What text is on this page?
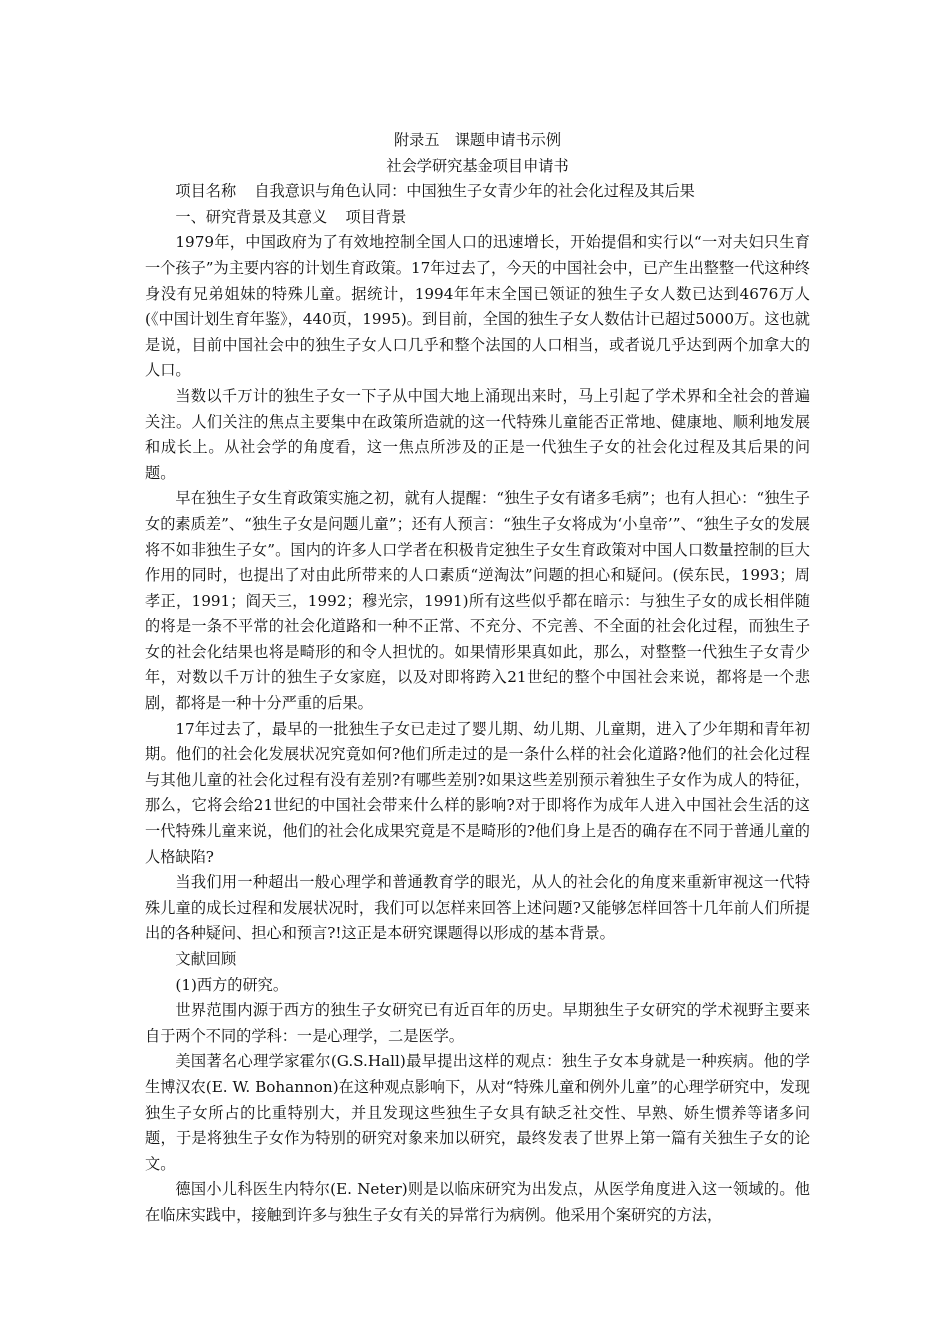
附录五　课题申请书示例
社会学研究基金项目申请书
项目名称 自我意识与角色认同：中国独生子女青少年的社会化过程及其后果
一、研究背景及其意义 项目背景

1979年，中国政府为了有效地控制全国人口的迅速增长，开始提倡和实行以“一对夫妇只生育一个孩子”为主要内容的计划生育政策。17年过去了，今天的中国社会中，已产生出整整一代这种终身没有兄弟姐妹的特殊儿童。据统计，1994年年末全国已领证的独生子女人数已达到4676万人(《中国计划生育年鉴》，440页，1995)。到目前，全国的独生子女人数估计已超过5000万。这也就是说，目前中国社会中的独生子女人口几乎和整个法国的人口相当，或者说几乎达到两个加拿大的人口。

当数以千万计的独生子女一下子从中国大地上涌现出来时，马上引起了学术界和全社会的普遍关注。人们关注的焦点主要集中在政策所造就的这一代特殊儿童能否正常地、健康地、顺利地发展和成长上。从社会学的角度看，这一焦点所涉及的正是一代独生子女的社会化过程及其后果的问题。

早在独生子女生育政策实施之初，就有人提醒：“独生子女有诸多毛病”；也有人担心：“独生子女的素质差”、“独生子女是问题儿童”；还有人预言：“独生子女将成为‘小皇帝’”、“独生子女的发展将不如非独生子女”。国内的许多人口学者在积极肯定独生子女生育政策对中国人口数量控制的巨大作用的同时，也提出了对由此所带来的人口素质“逆淘汰”问题的担心和疑问。(侯东民，1993；周孝正，1991；阎天三，1992；穆光宗，1991)所有这些似乎都在暗示：与独生子女的成长相伴随的将是一条不平常的社会化道路和一种不正常、不充分、不完善、不全面的社会化过程，而独生子女的社会化结果也将是畸形的和令人担忧的。如果情形果真如此，那么，对整整一代独生子女青少年，对数以千万计的独生子女家庭，以及对即将跨入21世纪的整个中国社会来说，都将是一个悲剧，都将是一种十分严重的后果。

17年过去了，最早的一批独生子女已走过了婴儿期、幼儿期、儿童期，进入了少年期和青年初期。他们的社会化发展状况究竟如何?他们所走过的是一条什么样的社会化道路?他们的社会化过程与其他儿童的社会化过程有没有差别?有哪些差别?如果这些差别预示着独生子女作为成人的特征，那么，它将会给21世纪的中国社会带来什么样的影响?对于即将作为成年人进入中国社会生活的这一代特殊儿童来说，他们的社会化成果究竟是不是畸形的?他们身上是否的确存在不同于普通儿童的人格缺陷?

当我们用一种超出一般心理学和普通教育学的眼光，从人的社会化的角度来重新审视这一代特殊儿童的成长过程和发展状况时，我们可以怎样来回答上述问题?又能够怎样回答十几年前人们所提出的各种疑问、担心和预言?!这正是本研究课题得以形成的基本背景。

文献回顾
(1)西方的研究。

世界范围内源于西方的独生子女研究已有近百年的历史。早期独生子女研究的学术视野主要来自于两个不同的学科：一是心理学，二是医学。

美国著名心理学家霍尔(G.S.Hall)最早提出这样的观点：独生子女本身就是一种疾病。他的学生博汉农(E. W. Bohannon)在这种观点影响下，从对“特殊儿童和例外儿童”的心理学研究中，发现独生子女所占的比重特别大，并且发现这些独生子女具有缺乏社交性、早熟、娇生惯养等诸多问题，于是将独生子女作为特别的研究对象来加以研究，最终发表了世界上第一篇有关独生子女的论文。

德国小儿科医生内特尔(E. Neter)则是以临床研究为出发点，从医学角度进入这一领域的。他在临床实践中，接触到许多与独生子女有关的异常行为病例。他采用个案研究的方法，
